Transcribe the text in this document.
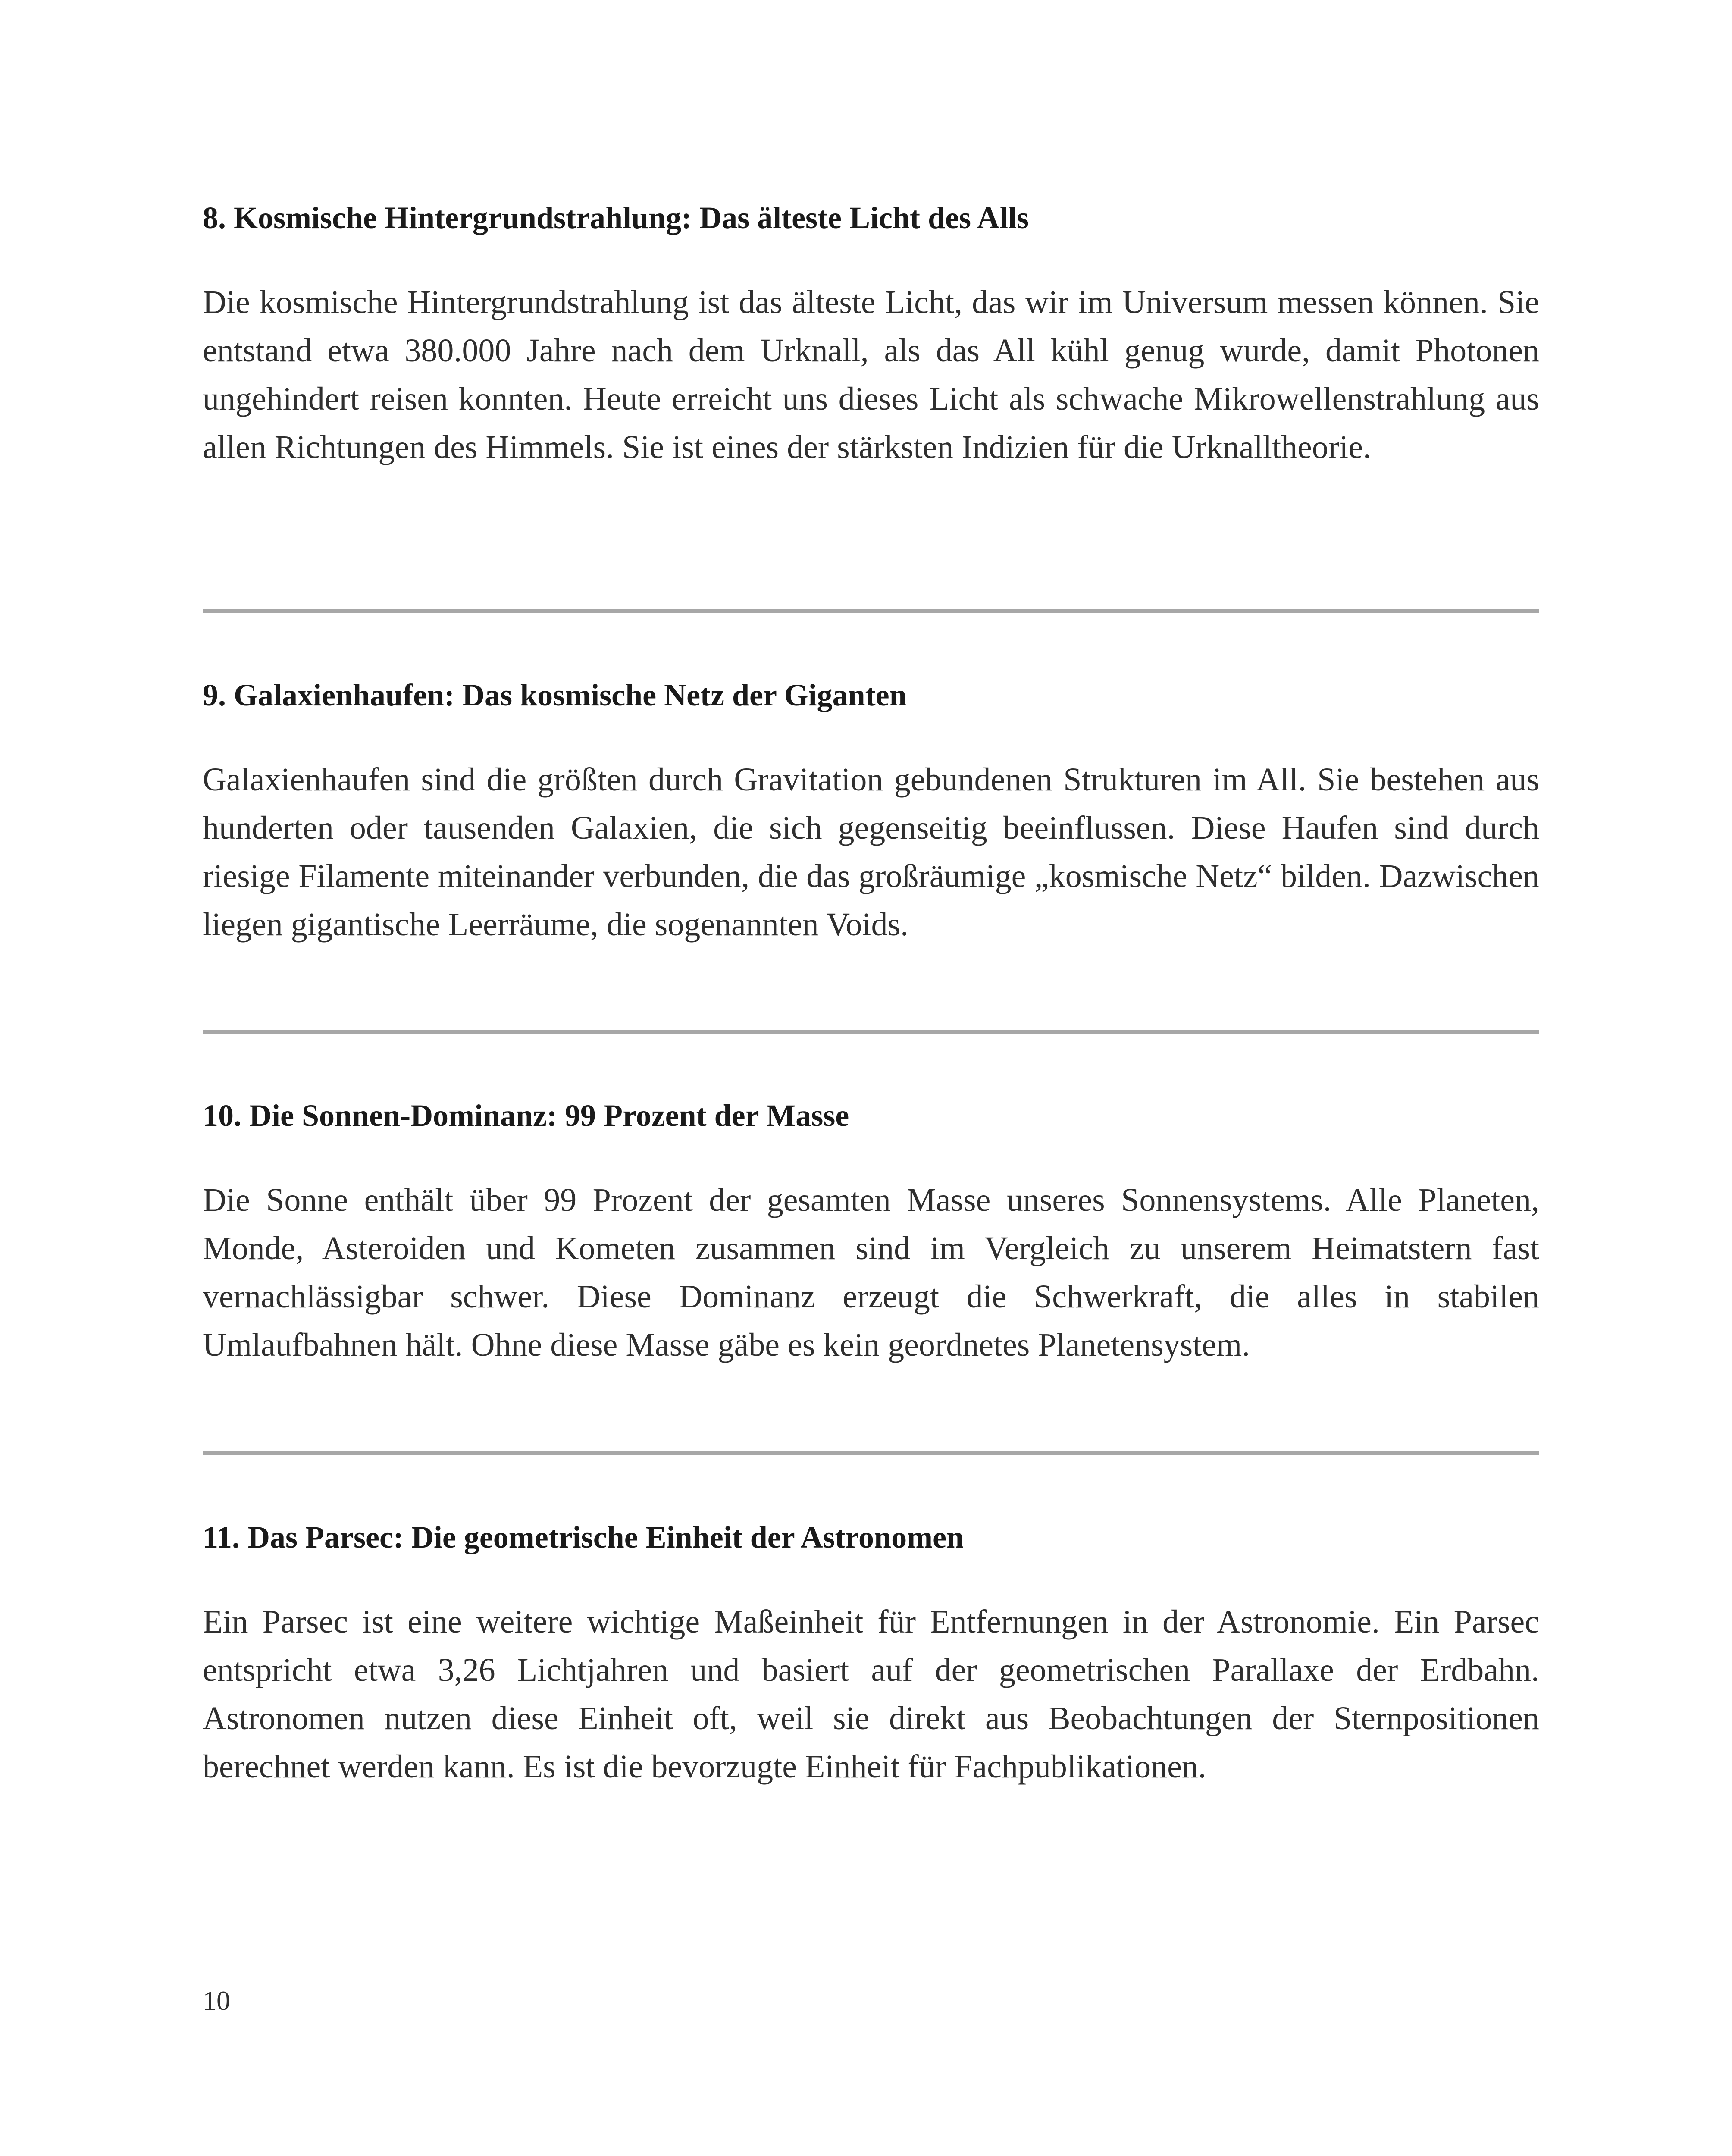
8. Kosmische Hintergrundstrahlung: Das älteste Licht des Alls

Die kosmische Hintergrundstrahlung ist das älteste Licht, das wir im Universum messen können. Sie entstand etwa 380.000 Jahre nach dem Urknall, als das All kühl genug wurde, damit Photonen ungehindert reisen konnten. Heute erreicht uns dieses Licht als schwache Mikrowellenstrahlung aus allen Richtungen des Himmels. Sie ist eines der stärksten Indizien für die Urknalltheorie.

9. Galaxienhaufen: Das kosmische Netz der Giganten

Galaxienhaufen sind die größten durch Gravitation gebundenen Strukturen im All. Sie bestehen aus hunderten oder tausenden Galaxien, die sich gegenseitig beeinflussen. Diese Haufen sind durch riesige Filamente miteinander verbunden, die das großräumige „kosmische Netz“ bilden. Dazwischen liegen gigantische Leerräume, die sogenannten Voids.

10. Die Sonnen-Dominanz: 99 Prozent der Masse

Die Sonne enthält über 99 Prozent der gesamten Masse unseres Sonnensystems. Alle Planeten, Monde, Asteroiden und Kometen zusammen sind im Vergleich zu unserem Heimatstern fast vernachlässigbar schwer. Diese Dominanz erzeugt die Schwerkraft, die alles in stabilen Umlaufbahnen hält. Ohne diese Masse gäbe es kein geordnetes Planetensystem.

11. Das Parsec: Die geometrische Einheit der Astronomen

Ein Parsec ist eine weitere wichtige Maßeinheit für Entfernungen in der Astronomie. Ein Parsec entspricht etwa 3,26 Lichtjahren und basiert auf der geometrischen Parallaxe der Erdbahn. Astronomen nutzen diese Einheit oft, weil sie direkt aus Beobachtungen der Sternpositionen berechnet werden kann. Es ist die bevorzugte Einheit für Fachpublikationen.

10
